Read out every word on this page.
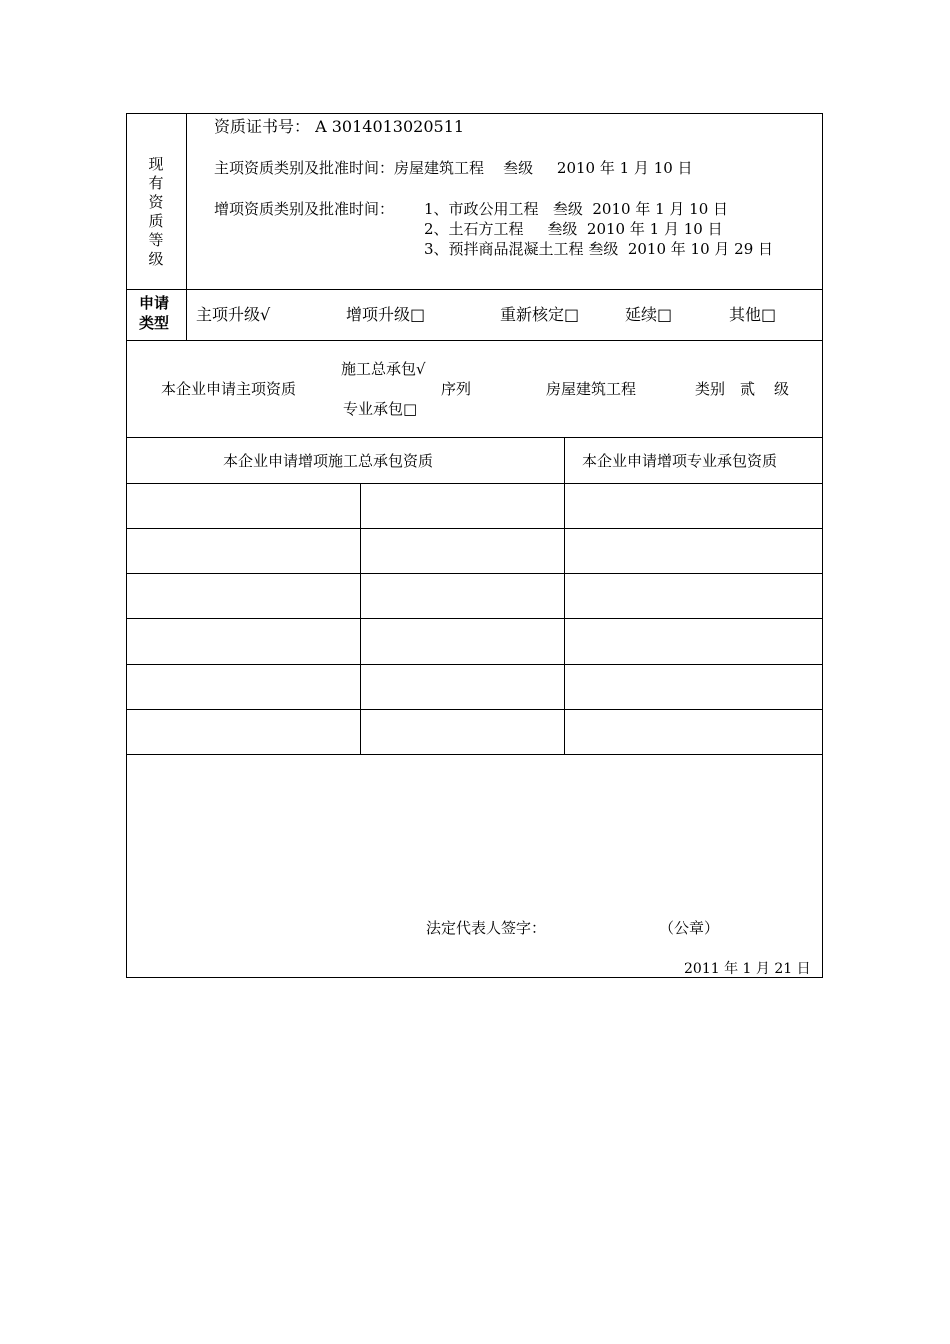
现有资质等级
资质证书号： A 3014013020511
主项资质类别及批准时间：房屋建筑工程    叁级     2010 年 1 月 10 日
增项资质类别及批准时间： 1、市政公用工程   叁级  2010 年 1 月 10 日
2、土石方工程     叁级  2010 年 1 月 10 日
3、预拌商品混凝土工程 叁级  2010 年 10 月 29 日
申请类型 主项升级√	增项升级□	重新核定□	延续□	其他□
本企业申请主项资质
施工总承包√
专业承包□
序列	房屋建筑工程	类别 贰 级
本企业申请增项施工总承包资质	本企业申请增项专业承包资质
法定代表人签字：	（公章）
2011 年 1 月 21 日
